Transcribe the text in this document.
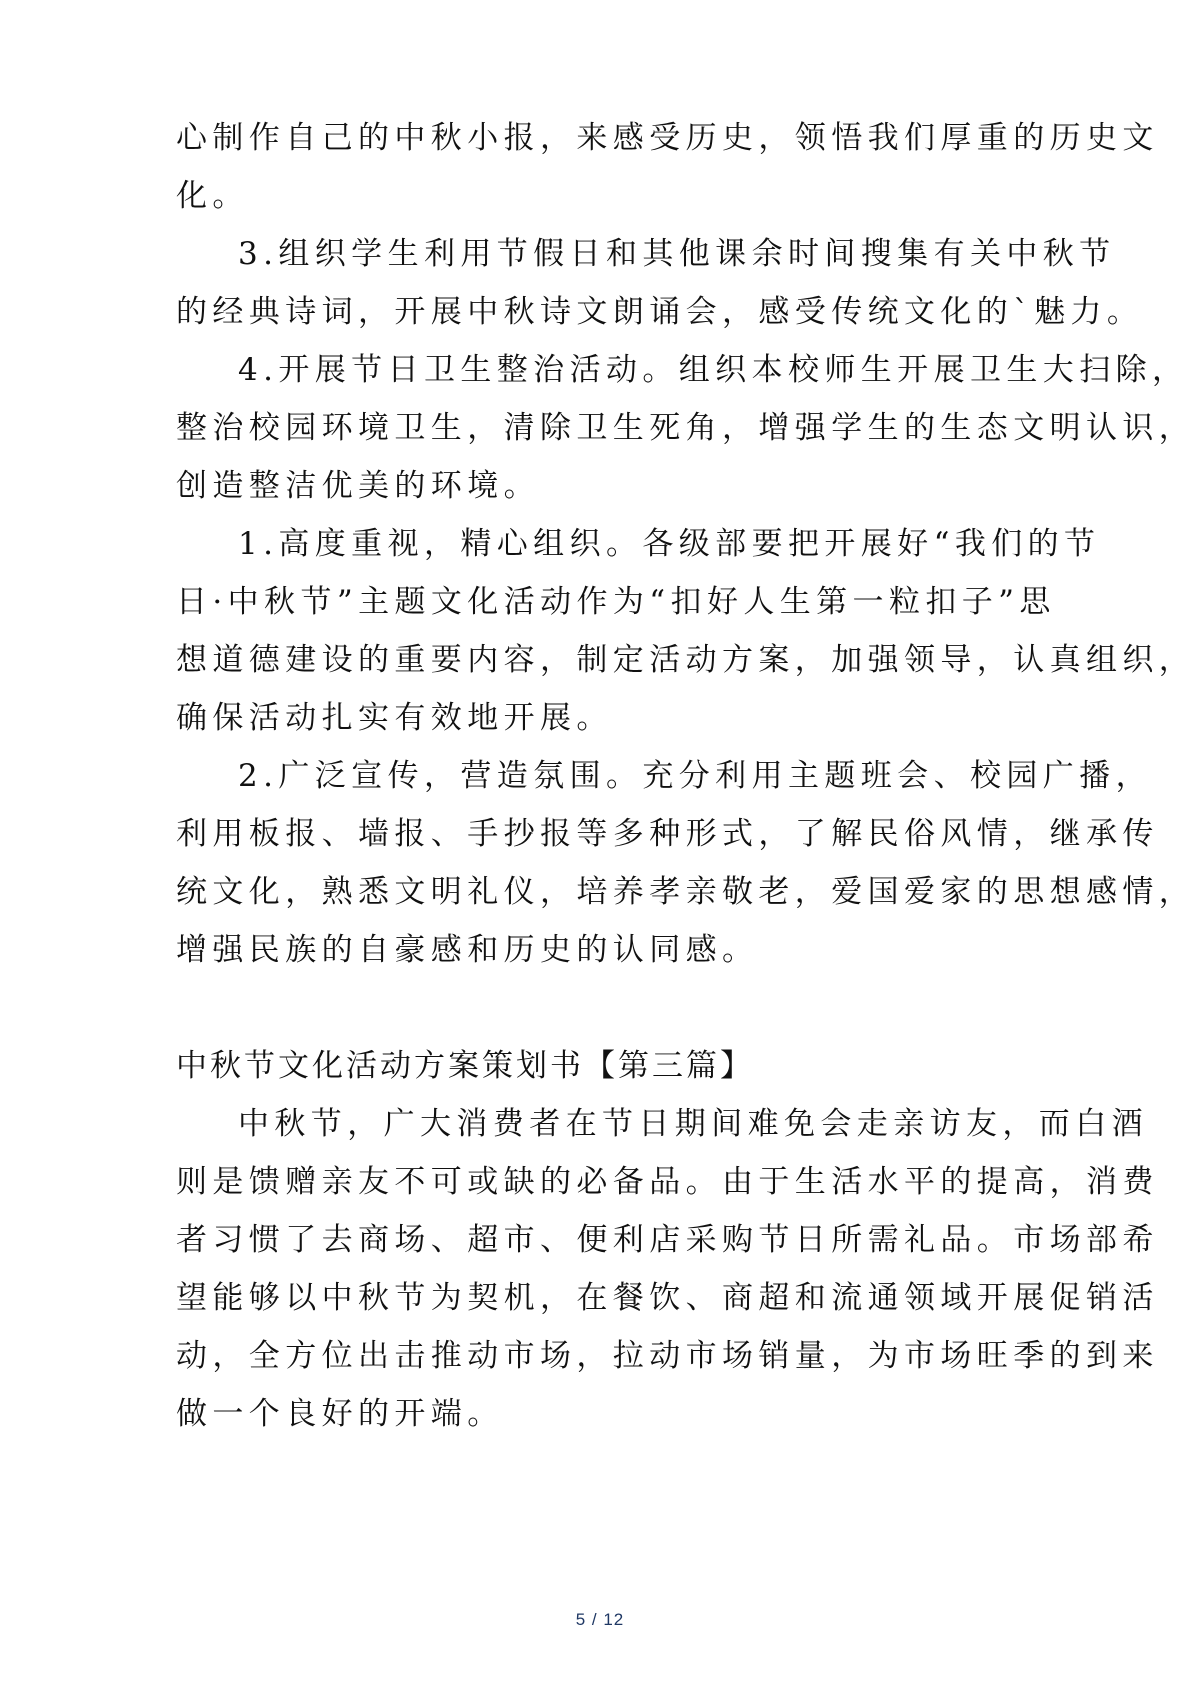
心制作自己的中秋小报，来感受历史，领悟我们厚重的历史文
化。
3.组织学生利用节假日和其他课余时间搜集有关中秋节
的经典诗词，开展中秋诗文朗诵会，感受传统文化的`魅力。
4.开展节日卫生整治活动。组织本校师生开展卫生大扫除，
整治校园环境卫生，清除卫生死角，增强学生的生态文明认识，
创造整洁优美的环境。
1.高度重视，精心组织。各级部要把开展好“我们的节
日·中秋节”主题文化活动作为“扣好人生第一粒扣子”思
想道德建设的重要内容，制定活动方案，加强领导，认真组织，
确保活动扎实有效地开展。
2.广泛宣传，营造氛围。充分利用主题班会、校园广播，
利用板报、墙报、手抄报等多种形式，了解民俗风情，继承传
统文化，熟悉文明礼仪，培养孝亲敬老，爱国爱家的思想感情，
增强民族的自豪感和历史的认同感。
中秋节文化活动方案策划书【第三篇】
中秋节，广大消费者在节日期间难免会走亲访友，而白酒
则是馈赠亲友不可或缺的必备品。由于生活水平的提高，消费
者习惯了去商场、超市、便利店采购节日所需礼品。市场部希
望能够以中秋节为契机，在餐饮、商超和流通领域开展促销活
动，全方位出击推动市场，拉动市场销量，为市场旺季的到来
做一个良好的开端。
5 / 12
